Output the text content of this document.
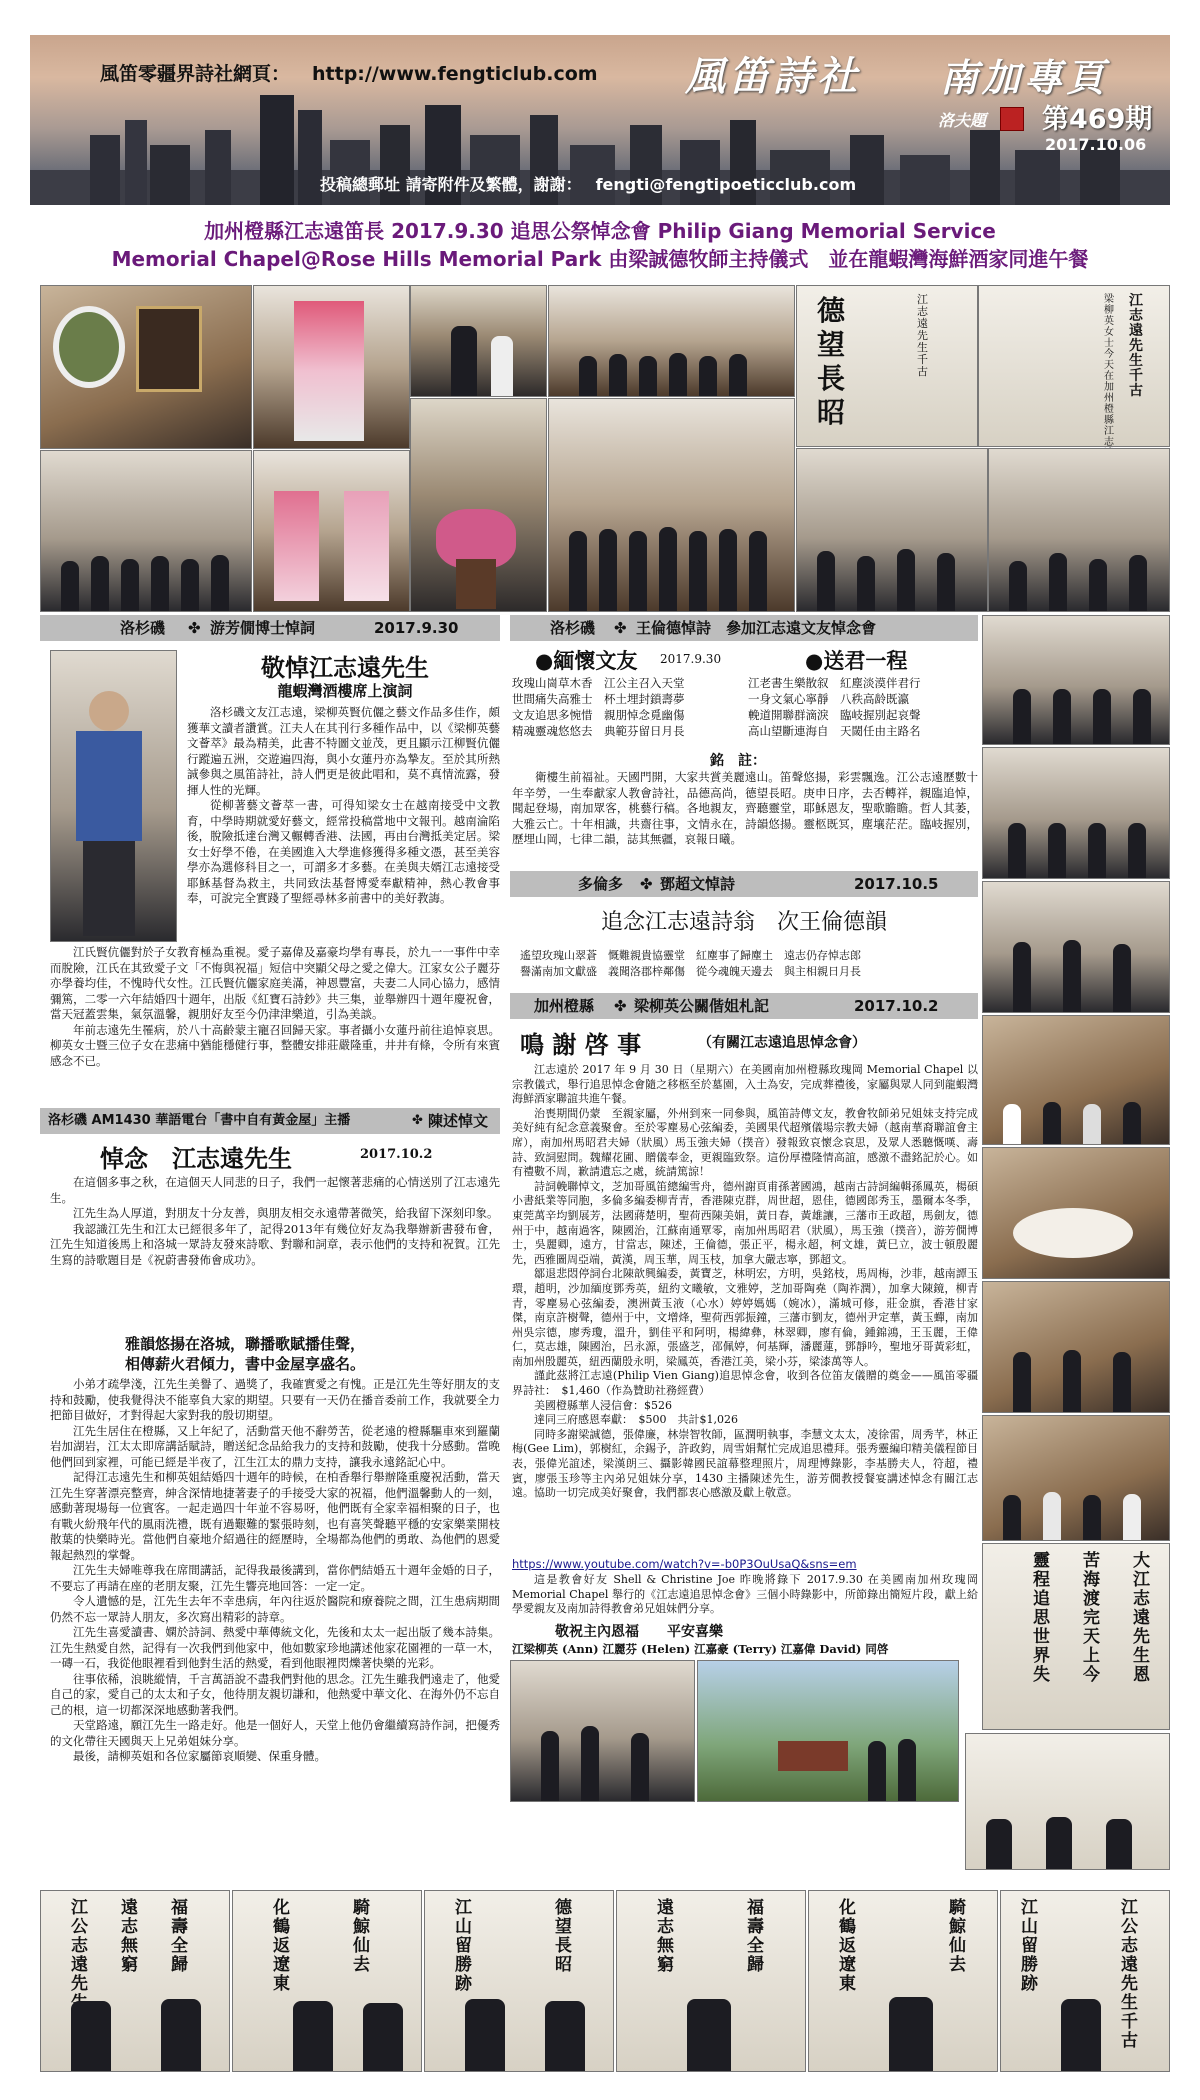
風笛零疆界詩社網頁： http://www.fengticlub.com 風笛詩社 南加專頁
洛夫題 第469期
2017.10.06
投稿總郵址 請寄附件及繁體，謝謝： fengti@fengtipoeticclub.com
加州橙縣江志遠笛長 2017.9.30 追思公祭悼念會 Philip Giang Memorial Service
Memorial Chapel@Rose Hills Memorial Park 由梁誠德牧師主持儀式　並在龍蝦灣海鮮酒家同進午餐
德望長昭
江志遠先生千古
江志遠先生千古
梁柳英女士今天在加州橙縣江志
洛杉磯 ✤ 游芳僩博士悼詞	2017.9.30
敬悼江志遠先生
龍蝦灣酒樓席上演詞

洛杉磯文友江志遠，梁柳英賢伉儷之藝文作品多佳作，頗獲華文讀者讚賞。江夫人在其刊行多種作品中，以《梁柳英藝文薈萃》最為精美，此書不特圖文並茂，更且顯示江柳賢伉儷行蹤遍五洲，交遊遍四海，與小女蓮丹亦為摯友。至於其所熱誠參與之風笛詩社，詩人們更是彼此唱和，莫不真情流露，發揮人性的光輝。

從柳著藝文薈萃一書，可得知梁女士在越南接受中文教育，中學時期就愛好藝文，經常投稿當地中文報刊。越南淪陷後，脫險抵達台灣又輾轉香港、法國，再由台灣抵美定居。梁女士好學不倦，在美國進入大學進修獲得多種文憑，甚至美容學亦為選修科目之一，可謂多才多藝。在美與夫婿江志遠接受耶穌基督為救主，共同致法基督博愛奉獻精神，熱心教會事奉，可說完全實踐了聖經尋林多前書中的美好教誨。

江氏賢伉儷對於子女教育極為重視。愛子嘉偉及嘉豪均學有專長，於九一一事件中幸而脫險，江氏在其致愛子文「不悔與祝福」短信中突顯父母之愛之偉大。江家女公子麗芬亦學養均佳，不愧時代女性。江氏賢伉儷家庭美滿，神恩豐富，夫妻二人同心協力，感情彌篤，二零一六年結婚四十週年，出版《紅寶石詩鈔》共三集，並舉辦四十週年慶祝會，當天冠蓋雲集，氣氛溫馨，親朋好友至今仍津津樂道，引為美談。

年前志遠先生罹病，於八十高齡蒙主寵召回歸天家。事者攝小女蓮丹前往追悼哀思。柳英女士暨三位子女在悲痛中猶能穩健行事，整體安排莊嚴隆重，井井有條，令所有來賓感念不已。

洛杉磯 AM1430 華語電台「書中自有黃金屋」主播	✤ 陳述悼文
悼念　江志遠先生	2017.10.2

在這個多事之秋，在這個天人同悲的日子，我們一起懷著悲痛的心情送別了江志遠先生。

江先生為人厚道，對朋友十分友善，與朋友相交永遠帶著微笑，給我留下深刻印象。

我認識江先生和江太已經很多年了，記得2013年有幾位好友為我舉辦新書發布會，江先生知道後馬上和洛城一眾詩友發來詩歌、對聯和詞章，表示他們的支持和祝賀。江先生寫的詩歌題目是《祝蔚書發佈會成功》。

雅韻悠揚在洛城，聯播歌賦播佳聲，
相傳薪火君傾力，書中金屋享盛名。

小弟才疏學淺，江先生美譽了、過獎了，我確實愛之有愧。正是江先生等好朋友的支持和鼓勵，使我覺得決不能辜負大家的期望。只要有一天仍在播音委前工作，我就要全力把節目做好，才對得起大家對我的殷切期望。

江先生居住在橙縣，又上年紀了，活動當天他不辭勞苦，從老遠的橙縣驅車來到羅蘭岩加湖岩，江太太即席講話賦詩，贈送紀念品給我力的支持和鼓勵，使我十分感動。當晚他們回到家裡，可能已經是半夜了，江生江太的鼎力支持，讓我永遠銘記心中。

記得江志遠先生和柳英姐結婚四十週年的時候，在柏香舉行舉辦隆重慶祝活動，當天江先生穿著漂亮整齊，紳含深情地捷著妻子的手接受大家的祝福，他們溫馨動人的一刻，感動著現場每一位賓客。一起走過四十年並不容易呀，他們既有全家幸福相聚的日子，也有戰火紛飛年代的風雨洗禮，既有過艱難的緊張時刻，也有喜笑聲聽平穩的安家樂業開枝散葉的快樂時光。當他們自豪地介紹過往的經歷時，全場都為他們的勇敢、為他們的恩愛報起熱烈的掌聲。

江先生夫婦唯尊我在席間講話，記得我最後講到，當你們結婚五十週年金婚的日子，不要忘了再請在座的老朋友聚，江先生響亮地回答：一定一定。

令人遺憾的是，江先生去年不幸患病，年內往返於醫院和療養院之間，江生患病期間仍然不忘一眾詩人朋友，多次寫出精彩的詩章。

江先生喜愛讀書、嫻於詩詞、熱愛中華傳統文化，先後和太太一起出版了幾本詩集。江先生熱愛自然，記得有一次我們到他家中，他如數家珍地講述他家花園裡的一草一木，一磚一石，我從他眼裡看到他對生活的熱愛，看到他眼裡閃爍著快樂的光彩。

往事依稀，浪眺縱情，千言萬語說不盡我們對他的思念。江先生雖我們遠走了，他愛自己的家，愛自己的太太和子女，他待朋友親切謙和，他熱愛中華文化、在海外仍不忘自己的根，這一切都深深地感動著我們。

天堂路遠，願江先生一路走好。他是一個好人，天堂上他仍會繼續寫詩作詞，把優秀的文化帶往天國與天上兄弟姐妹分享。

最後，請柳英姐和各位家屬節哀順變、保重身體。

洛杉磯 ✤ 王倫德悼詩　參加江志遠文友悼念會
●緬懷文友 2017.9.30	●送君一程
玫瑰山崗草木香　江公主召入天堂
世間痛失高雅士　杯土埋封鎖壽夢
文友追思多惋惜　親朋悼念覓幽傷
精魂靈魂悠悠去　典範芬留日月長
江老書生樂散叙　紅塵淡漠伴君行
一身文氣心寧靜　八秩高龄既瀛
輓道開聯群滴淚　臨岐握別起哀聲
高山望斷連海自　天閾任由主路名
銘　註：
衛樓生前福祉。天國門開，大家共賞美麗遠山。笛聲悠揚，彩雲飄逸。江公志遠歷數十年辛勞，一生奉獻家人教會詩社，品德高尚，德望長昭。庚申日序，去否轉祥，親臨追悼，聞起登場，南加眾客，桃藝行稿。各地親友，齊聽靈堂，耶穌恩友，聖歌瞻瞻。哲人其萎，大雅云亡。十年相識，共齋往事，文情永在，詩韻悠揚。靈柩既冥，塵壤茫茫。臨岐握別，歷埋山岡，七律二韻，誌其無疆，哀報日曦。
多倫多 ✤ 鄧超文悼詩	2017.10.5
追念江志遠詩翁　次王倫德韻
遙望玫瑰山翠蒼　慨難親貴協靈堂　紅塵事了歸塵土　遠志仍存悼志郎
譽滿南加文獻盛　義聞洛郡梓鄰傷　從今魂魄天邊去　與主相親日月長
加州橙縣 ✤ 梁柳英公關偕姐札記	2017.10.2
鳴 謝 啓 事	（有關江志遠追思悼念會）

江志遠於 2017 年 9 月 30 日（星期六）在美國南加州橙縣玫瑰岡 Memorial Chapel 以宗教儀式，舉行追思悼念會隨之移柩至於墓園，入土為安，完成葬禮後，家屬與眾人同到龍蝦灣海鮮酒家聯誼共進午餐。

治喪期間仍蒙　至親家屬，外州到來一同參與，風笛詩傳文友，教會牧師弟兄姐妹支持完成美好純有紀念意義聚會。至於零塵易心弦編委，美國果代超殯儀場宗教夫婦（越南華裔聯誼會主席），南加州馬昭君夫婦（狀風）馬玉強夫婦（撲音）發報致哀懷念哀思，及眾人悉聽慨嘆、壽詩、致詞慰問。魏耀花圃、贈儀奉金，更親臨致祭。這份厚禮隆情高誼，感激不盡銘記於心。如有禮數不周，歉請遺忘之處，統請篤諒！

詩詞輓聯悼文，芝加哥風笛總編雪舟，德州謝頁甫孫著國鴻，越南古詩詞編輯孫鳳英，楊碩小書紙業等同胞，多倫多編委柳青青，香港陳克群，周世超，恩佳，德國郎秀玉，墨爾本冬季，東莞萬辛均劉展芳，法國蔣楚明，聖荷西陳美娟，黃日春，黃雄讓，三藩市王政超，馬劍友，德州于中，越南過客，陳國治，江蘇南通覃零，南加州馬昭君（狀風），馬玉強（撲音），游芳僩博士，吳麗卿，遠方，甘當志，陳述，王倫德，張正平，楊永超，柯文雄，黃巳立，波士頓殷麗先，西雅圖周亞端，黃漢，周玉華，周玉枝，加拿大嚴志寧，鄧超文。

鄒退悲悶停詞台北陳歆興編委，黃寶芝，林明宏，方明，吳銘枝，馬周梅，沙菲，越南譚玉環，趙明，沙加緬度鄧秀英，紐約文曦敏，文雅婷，芝加哥陶堯（陶祚潤），加拿大陳鏡，柳青青，零塵易心弦編委，澳洲黃玉液（心水）婷婷媽媽（婉冰），滿城可修，莊金旗，香港甘家傑，南京許樹聲，德州于中，文增烽，聖荷西郭振鐘，三藩市劉友，德州尹定華，黃玉蟬，南加州吳宗德，廖秀瓊，溫升，劉佳平和阿明，楊緯彝，林翠卿，廖有倫，鍾錦鴻，王玉麗，王偉仁，莫志雄，陳國治，呂永源，張盛芝，邵佩婷，何基輝，潘麗蓮，鄧靜吟，聖地牙哥黃彩虹，南加州殷麗英，紐西蘭殷永明，梁鳳英，香港江美，梁小芬，梁漆萬等人。

謹此茲將江志遠(Philip Vien Giang)追思悼念會，收到各位笛友儀贈的奠金——風笛零疆界詩社：　$1,460（作為贊助社務經費）

美國橙縣華人浸信會：$526

達同三府感恩奉獻：　$500　共計$1,026

同時多謝梁誠德，張偉廉，林崇智牧師，區潤明執事，李慧文太太，凌徐雷，周秀芊，林正梅(Gee Lim)，郭樹紅，余錫予，許政鈞，周雪娟幫忙完成追思禮拜。張秀靈編印精美儀程節目表，張偉光誼述，梁漢朗三、攝影韓國民誼幕整理照片，周理博錄影，李基勝夫人，符超，禮賓，廖張玉珍等主內弟兄姐妹分享，1430 主播陳述先生，游芳僩教授餐宴講述悼念有關江志遠。協助一切完成美好聚會，我們都衷心感激及獻上敬意。

https://www.youtube.com/watch?v=-b0P3OuUsaQ&sns=em
這是教會好友 Shell & Christine Joe 昨晚將錄下 2017.9.30 在美國南加州玫瑰岡 Memorial Chapel 舉行的《江志遠追思悼念會》三個小時錄影中，所節錄出簡短片段，獻上給學愛親友及南加詩得教會弟兄姐妹們分享。
敬祝主內恩福　　平安喜樂
江梁柳英 (Ann) 江麗芬 (Helen) 江嘉豪 (Terry) 江嘉偉 David) 同啓
大江志遠先生恩
苦海渡完天上今
靈程追思世界失
江公志遠先
遠志無窮
福壽全歸
化鶴返遼東
騎鯨仙去
江山留勝跡
德望長昭
遠志無窮
福壽全歸
化鶴返遼東
騎鯨仙去
江山留勝跡
江公志遠先生千古
